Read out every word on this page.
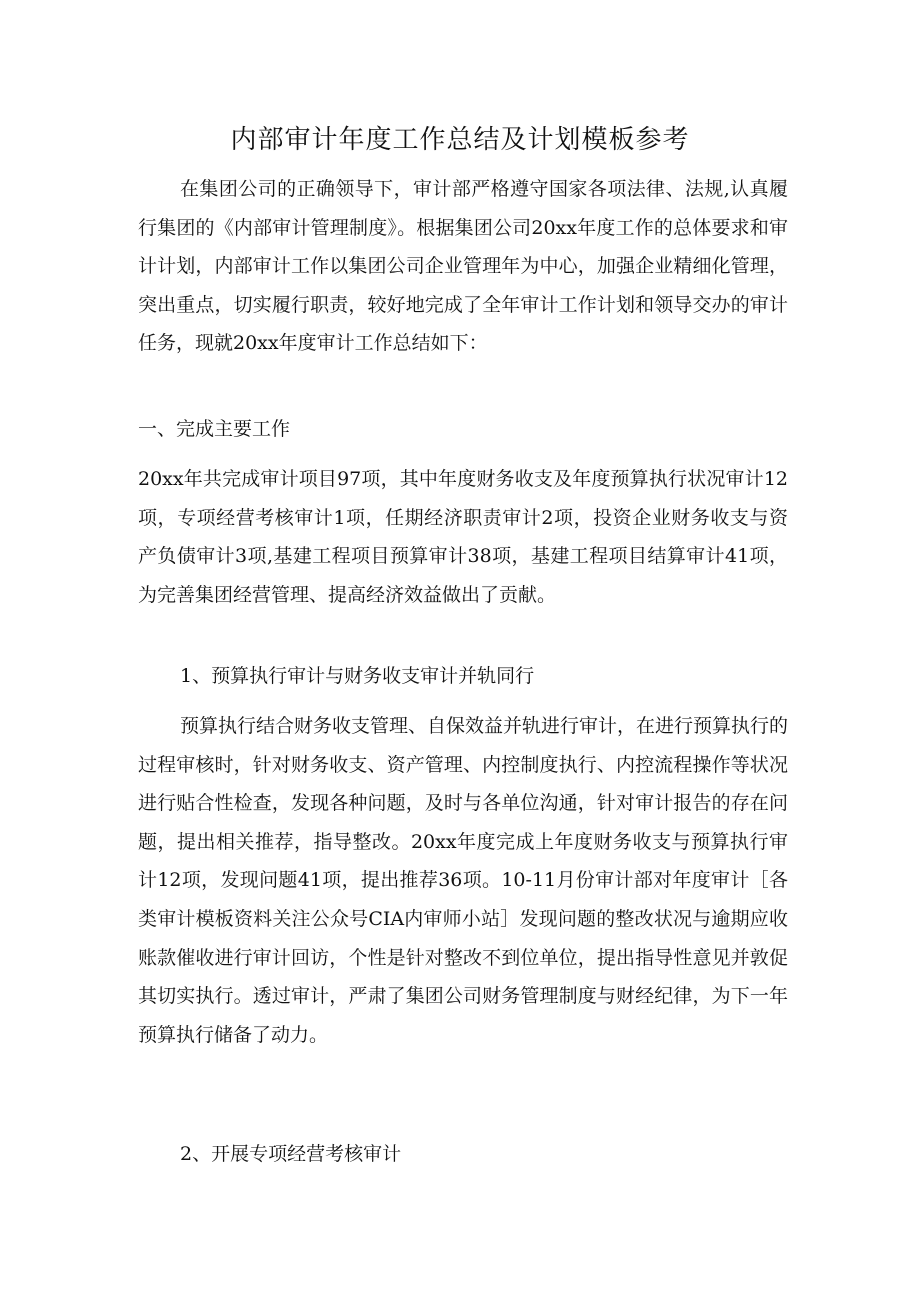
内部审计年度工作总结及计划模板参考

在集团公司的正确领导下，审计部严格遵守国家各项法律、法规,认真履行集团的《内部审计管理制度》。根据集团公司20xx年度工作的总体要求和审计计划，内部审计工作以集团公司企业管理年为中心，加强企业精细化管理，突出重点，切实履行职责，较好地完成了全年审计工作计划和领导交办的审计任务，现就20xx年度审计工作总结如下：

一、完成主要工作

20xx年共完成审计项目97项，其中年度财务收支及年度预算执行状况审计12项，专项经营考核审计1项，任期经济职责审计2项，投资企业财务收支与资产负债审计3项,基建工程项目预算审计38项，基建工程项目结算审计41项，为完善集团经营管理、提高经济效益做出了贡献。

1、预算执行审计与财务收支审计并轨同行

预算执行结合财务收支管理、自保效益并轨进行审计，在进行预算执行的过程审核时，针对财务收支、资产管理、内控制度执行、内控流程操作等状况进行贴合性检查，发现各种问题，及时与各单位沟通，针对审计报告的存在问题，提出相关推荐，指导整改。20xx年度完成上年度财务收支与预算执行审计12项，发现问题41项，提出推荐36项。10-11月份审计部对年度审计［各类审计模板资料关注公众号CIA内审师小站］发现问题的整改状况与逾期应收账款催收进行审计回访，个性是针对整改不到位单位，提出指导性意见并敦促其切实执行。透过审计，严肃了集团公司财务管理制度与财经纪律，为下一年预算执行储备了动力。

2、开展专项经营考核审计
